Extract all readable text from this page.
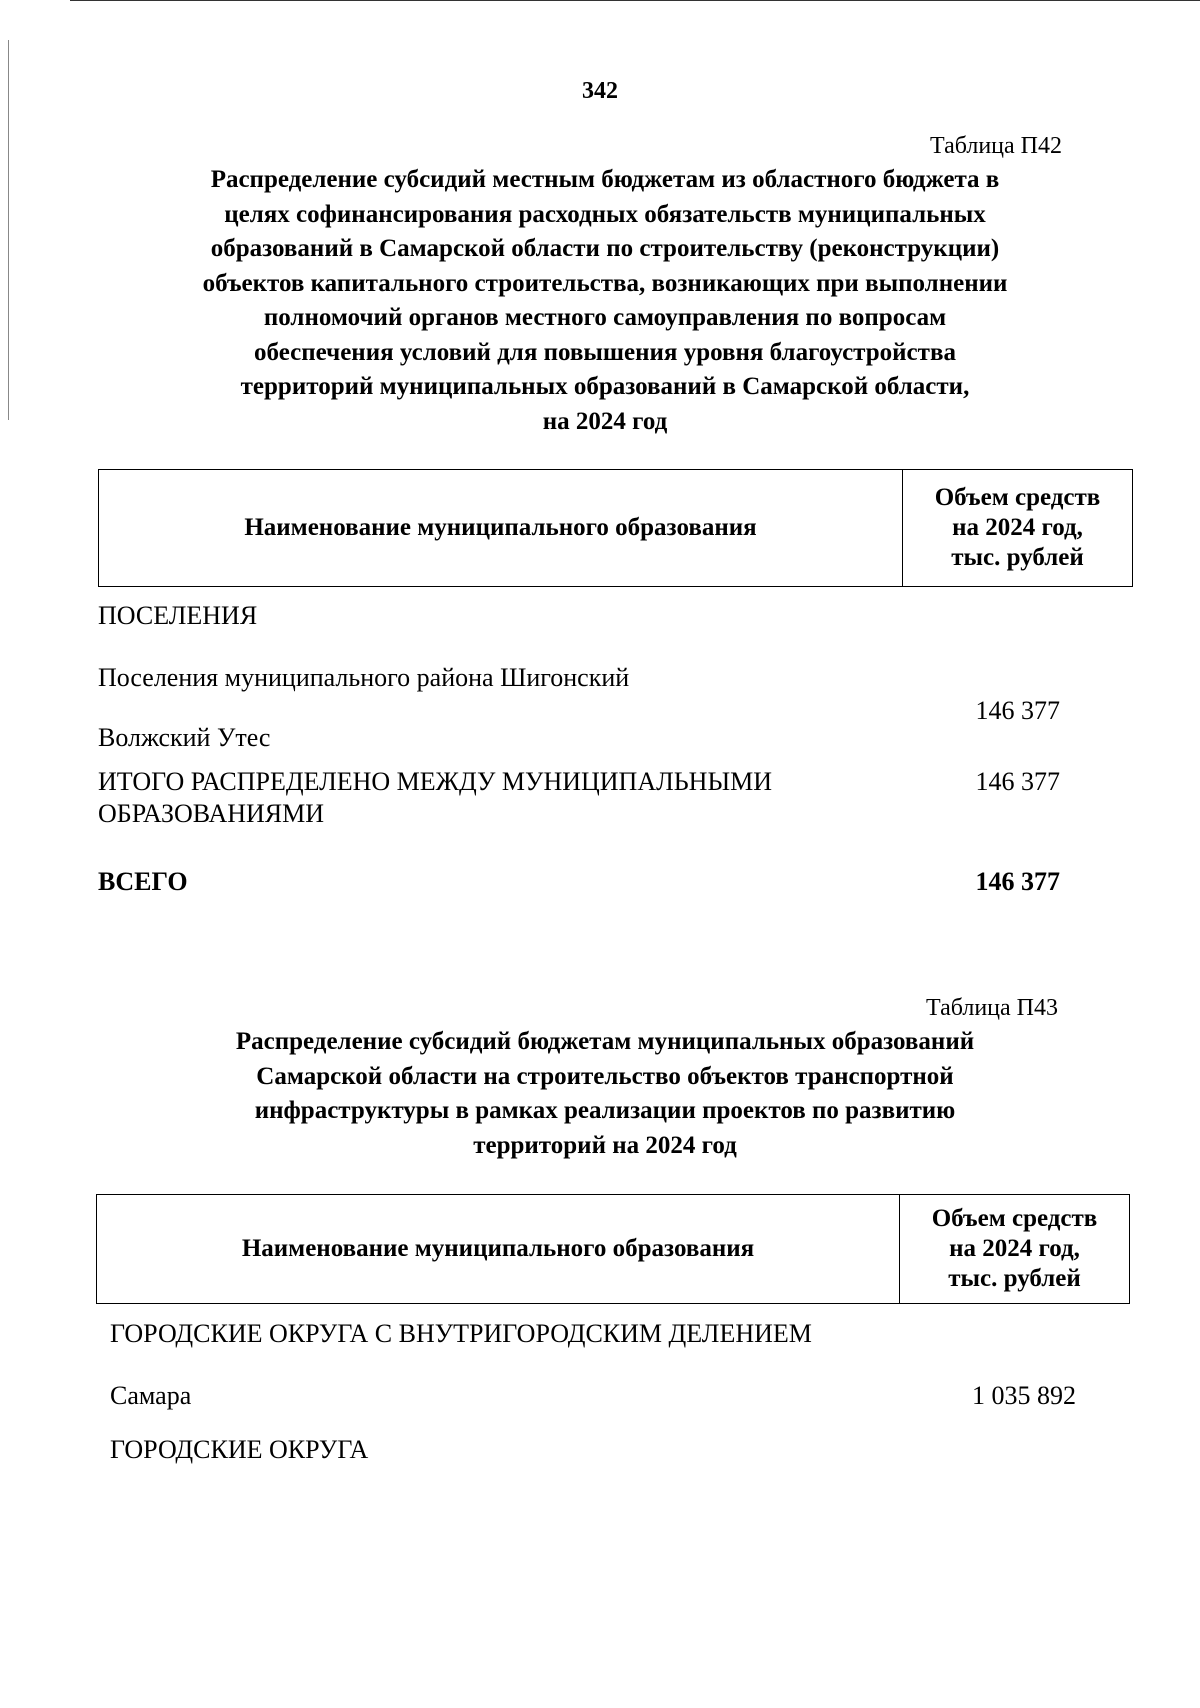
342
Таблица П42
Распределение субсидий местным бюджетам из областного бюджета в
целях софинансирования расходных обязательств муниципальных
образований в Самарской области по строительству (реконструкции)
объектов капитального строительства, возникающих при выполнении
полномочий органов местного самоуправления по вопросам
обеспечения условий для повышения уровня благоустройства
территорий муниципальных образований в Самарской области,
на 2024 год
Наименование муниципального образования
Объем средств
на 2024 год,
тыс. рублей
ПОСЕЛЕНИЯ
Поселения муниципального района Шигонский
146 377
Волжский Утес
ИТОГО РАСПРЕДЕЛЕНО МЕЖДУ МУНИЦИПАЛЬНЫМИ
ОБРАЗОВАНИЯМИ
146 377
ВСЕГО	146 377
Таблица П43
Распределение субсидий бюджетам муниципальных образований
Самарской области на строительство объектов транспортной
инфраструктуры в рамках реализации проектов по развитию
территорий на 2024 год
Наименование муниципального образования
Объем средств
на 2024 год,
тыс. рублей
ГОРОДСКИЕ ОКРУГА С ВНУТРИГОРОДСКИМ ДЕЛЕНИЕМ
Самара	1 035 892
ГОРОДСКИЕ ОКРУГА
